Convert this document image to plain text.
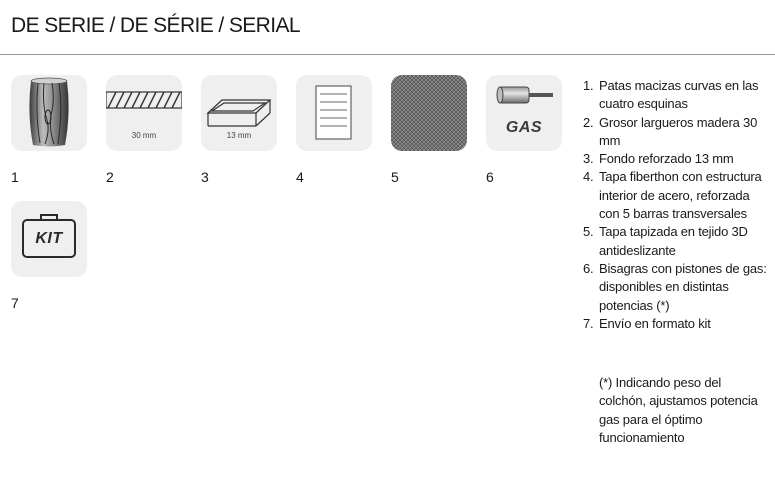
DE SERIE / DE SÉRIE / SERIAL
1
30 mm
2
13 mm
3	4	5
GAS
6
KIT
7
1. Patas macizas curvas en las cuatro esquinas
2. Grosor largueros madera 30 mm
3. Fondo reforzado 13 mm
4. Tapa fiberthon con estructura interior de acero, reforzada con 5 barras transversales
5. Tapa tapizada en tejido 3D antideslizante
6. Bisagras con pistones de gas: disponibles en distintas potencias (*)
7. Envío en formato kit
(*) Indicando peso del colchón, ajustamos potencia gas para el óptimo funcionamiento
